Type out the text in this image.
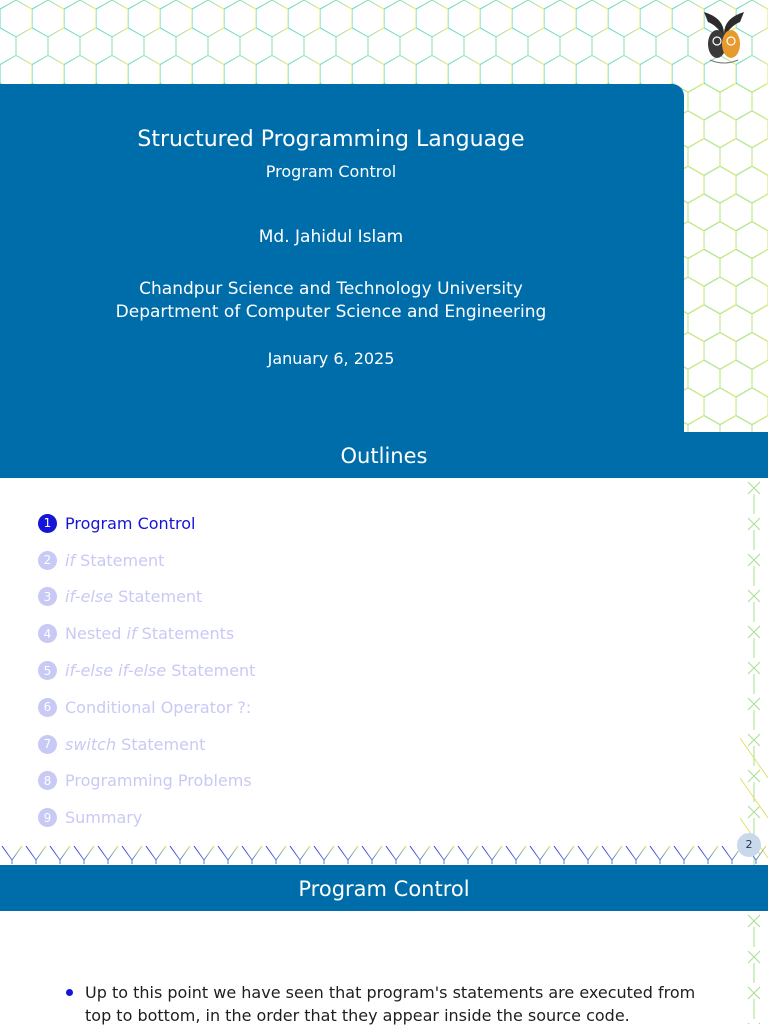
Structured Programming Language
Program Control
Md. Jahidul Islam
Chandpur Science and Technology University
Department of Computer Science and Engineering
January 6, 2025
Outlines
1 Program Control
2 if Statement
3 if-else Statement
4 Nested if Statements
5 if-else if-else Statement
6 Conditional Operator ?:
7 switch Statement
8 Programming Problems
9 Summary
2
Program Control
Up to this point we have seen that program's statements are executed from top to bottom, in the order that they appear inside the source code.
